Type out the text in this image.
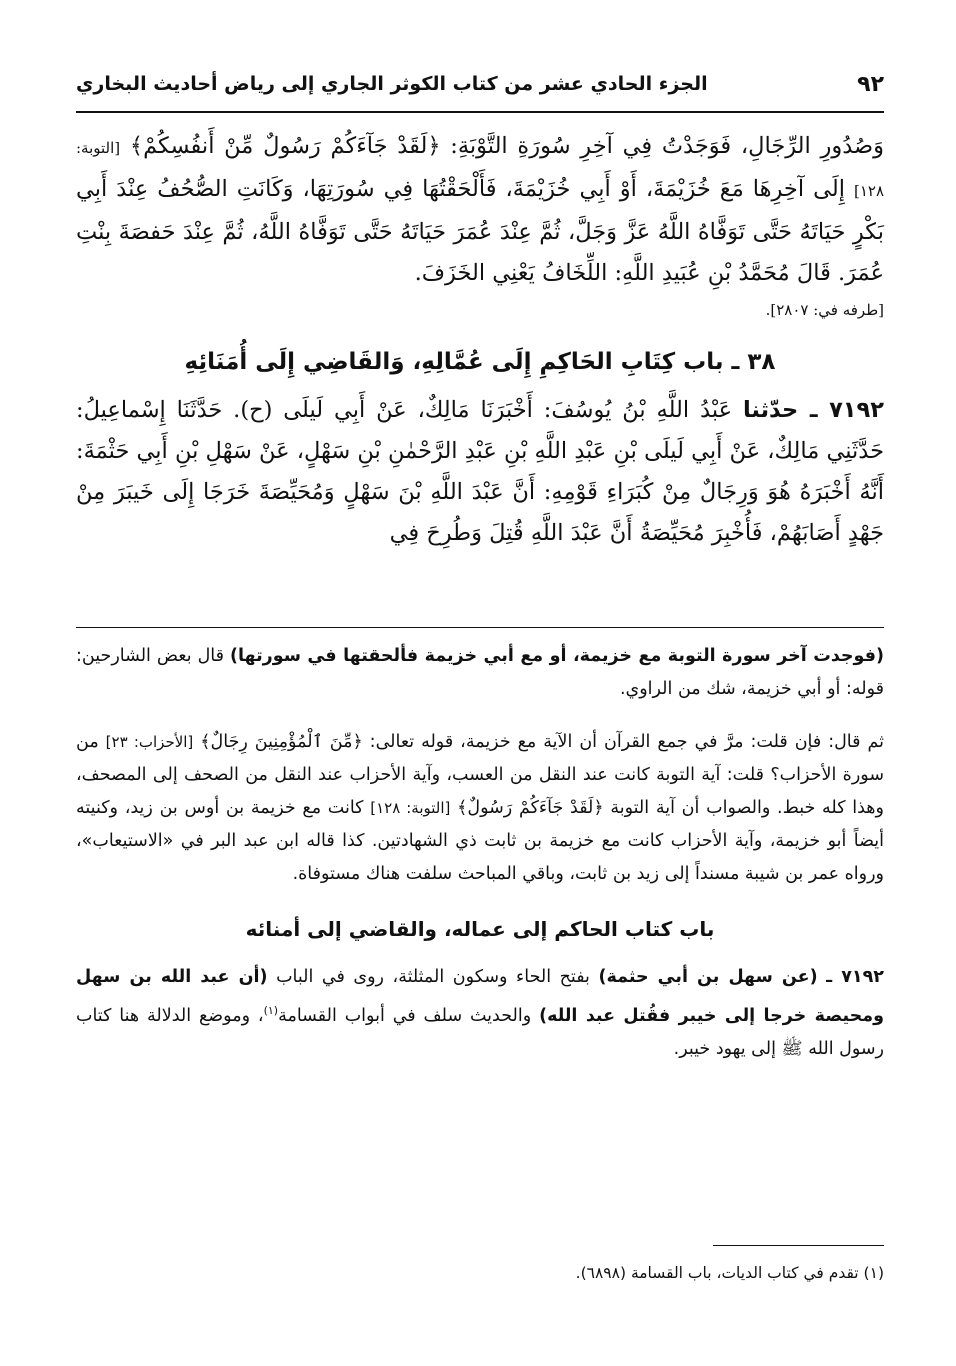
٩٢
الجزء الحادي عشر من كتاب الكوثر الجاري إلى رياض أحاديث البخاري

وَصُدُورِ الرِّجَالِ، فَوَجَدْتُ فِي آخِرِ سُورَةِ التَّوْبَةِ: ﴿لَقَدْ جَآءَكُمْ رَسُولٌ مِّنْ أَنفُسِكُمْ﴾ [التوبة: ١٢٨] إِلَى آخِرِهَا مَعَ خُزَيْمَةَ، أَوْ أَبِي خُزَيْمَةَ، فَأَلْحَقْتُهَا فِي سُورَتِهَا، وَكَانَتِ الصُّحُفُ عِنْدَ أَبِي بَكْرٍ حَيَاتَهُ حَتَّى تَوَفَّاهُ اللَّهُ عَزَّ وَجَلَّ، ثُمَّ عِنْدَ عُمَرَ حَيَاتَهُ حَتَّى تَوَفَّاهُ اللَّهُ، ثُمَّ عِنْدَ حَفصَةَ بِنْتِ عُمَرَ. قَالَ مُحَمَّدُ بْنِ عُبَيدِ اللَّهِ: اللِّخَافُ يَعْنِي الخَزَفَ.

[طرفه في: ٢٨٠٧].

٣٨ ـ باب كِتَابِ الحَاكِمِ إِلَى عُمَّالِهِ، وَالقَاضِي إِلَى أُمَنَائِهِ

٧١٩٢ ـ حدّثنا عَبْدُ اللَّهِ بْنُ يُوسُفَ: أَخْبَرَنَا مَالِكٌ، عَنْ أَبِي لَيلَى (ح). حَدَّثَنَا إِسْماعِيلُ: حَدَّثَنِي مَالِكٌ، عَنْ أَبِي لَيلَى بْنِ عَبْدِ اللَّهِ بْنِ عَبْدِ الرَّحْمٰنِ بْنِ سَهْلٍ، عَنْ سَهْلِ بْنِ أَبِي حَثْمَةَ: أَنَّهُ أَخْبَرَهُ هُوَ وَرِجَالٌ مِنْ كُبَرَاءِ قَوْمِهِ: أَنَّ عَبْدَ اللَّهِ بْنَ سَهْلٍ وَمُحَيِّصَةَ خَرَجَا إِلَى خَيبَرَ مِنْ جَهْدٍ أَصَابَهُمْ، فَأُخْبِرَ مُحَيِّصَةُ أَنَّ عَبْدَ اللَّهِ قُتِلَ وَطُرِحَ فِي

(فوجدت آخر سورة التوبة مع خزيمة، أو مع أبي خزيمة فألحقتها في سورتها) قال بعض الشارحين: قوله: أو أبي خزيمة، شك من الراوي.

ثم قال: فإن قلت: مرَّ في جمع القرآن أن الآية مع خزيمة، قوله تعالى: ﴿مِّنَ ٱلْمُؤْمِنِينَ رِجَالٌ﴾ [الأحزاب: ٢٣] من سورة الأحزاب؟ قلت: آية التوبة كانت عند النقل من العسب، وآية الأحزاب عند النقل من الصحف إلى المصحف، وهذا كله خبط. والصواب أن آية التوبة ﴿لَقَدْ جَآءَكُمْ رَسُولٌ﴾ [التوبة: ١٢٨] كانت مع خزيمة بن أوس بن زيد، وكنيته أيضاً أبو خزيمة، وآية الأحزاب كانت مع خزيمة بن ثابت ذي الشهادتين. كذا قاله ابن عبد البر في «الاستيعاب»، ورواه عمر بن شيبة مسنداً إلى زيد بن ثابت، وباقي المباحث سلفت هناك مستوفاة.

باب كتاب الحاكم إلى عماله، والقاضي إلى أمنائه

٧١٩٢ ـ (عن سهل بن أبي حثمة) بفتح الحاء وسكون المثلثة، روى في الباب (أن عبد الله بن سهل ومحيصة خرجا إلى خيبر فقُتل عبد الله) والحديث سلف في أبواب القسامة$^{(١)}$، وموضع الدلالة هنا كتاب رسول الله ﷺ إلى يهود خيبر.

(١) تقدم في كتاب الديات، باب القسامة (٦٨٩٨).
